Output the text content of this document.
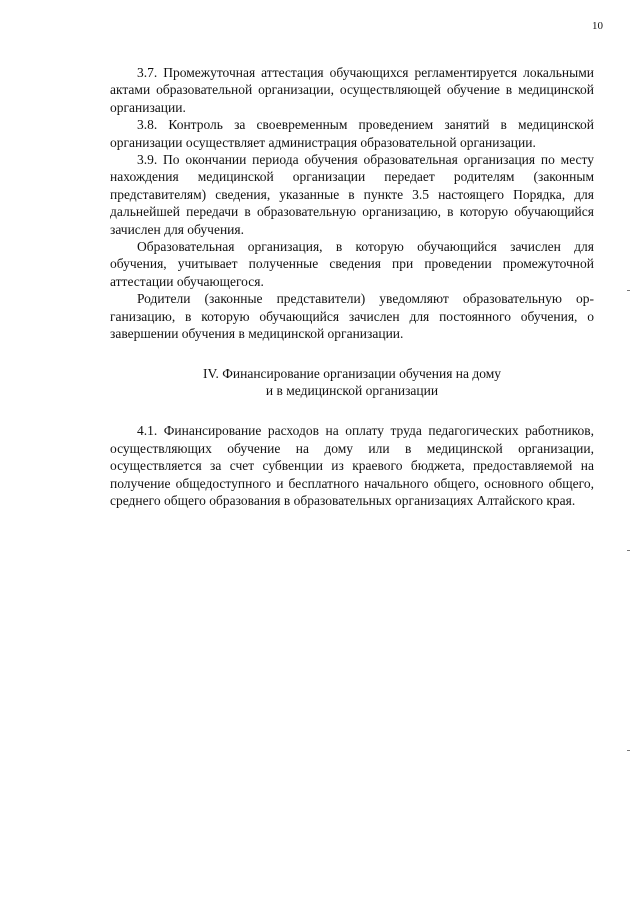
10

3.7. Промежуточная аттестация обучающихся регламентируется локальными актами образовательной организации, осуществляющей обучение в медицинской организации.

3.8. Контроль за своевременным проведением занятий в медицинской организации осуществляет администрация образовательной организации.

3.9. По окончании периода обучения образовательная организация по месту нахождения медицинской организации передает родителям (законным представителям) сведения, указанные в пункте 3.5 настоящего Порядка, для дальнейшей передачи в образовательную организацию, в которую обучающийся зачислен для обучения.

Образовательная организация, в которую обучающийся зачислен для обучения, учитывает полученные сведения при проведении промежуточной аттестации обучающегося.

Родители (законные представители) уведомляют образовательную организацию, в которую обучающийся зачислен для постоянного обучения, о завершении обучения в медицинской организации.

IV. Финансирование организации обучения на дому
и в медицинской организации

4.1. Финансирование расходов на оплату труда педагогических работников, осуществляющих обучение на дому или в медицинской организации, осуществляется за счет субвенции из краевого бюджета, предоставляемой на получение общедоступного и бесплатного начального общего, основного общего, среднего общего образования в образовательных организациях Алтайского края.
